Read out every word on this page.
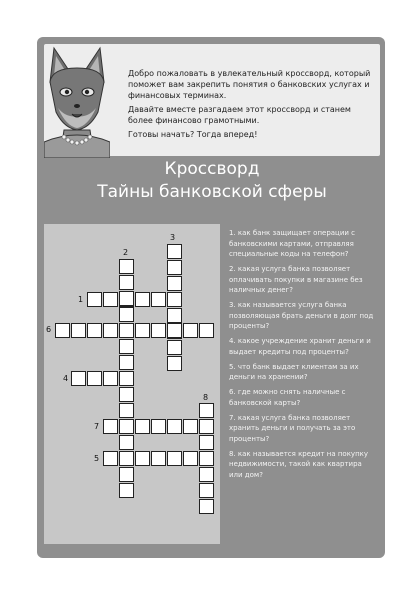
Добро пожаловать в увлекательный кроссворд, который поможет вам закрепить понятия о банковских услугах и финансовых терминах.

Давайте вместе разгадаем этот кроссворд и станем более финансово грамотными.

Готовы начать? Тогда вперед!

Кроссворд
Тайны банковской сферы
1
2
3
4
5
6
7
8

1. как банк защищает операции с банковскими картами, отправляя специальные коды на телефон?

2. какая услуга банка позволяет оплачивать покупки в магазине без наличных денег?

3. как называется услуга банка позволяющая брать деньги в долг под проценты?

4. какое учреждение хранит деньги и выдает кредиты под проценты?

5. что банк выдает клиентам за их деньги на хранении?

6. где можно снять наличные с банковской карты?

7. какая услуга банка позволяет хранить деньги и получать за это проценты?

8. как называется кредит на покупку недвижимости, такой как квартира или дом?
